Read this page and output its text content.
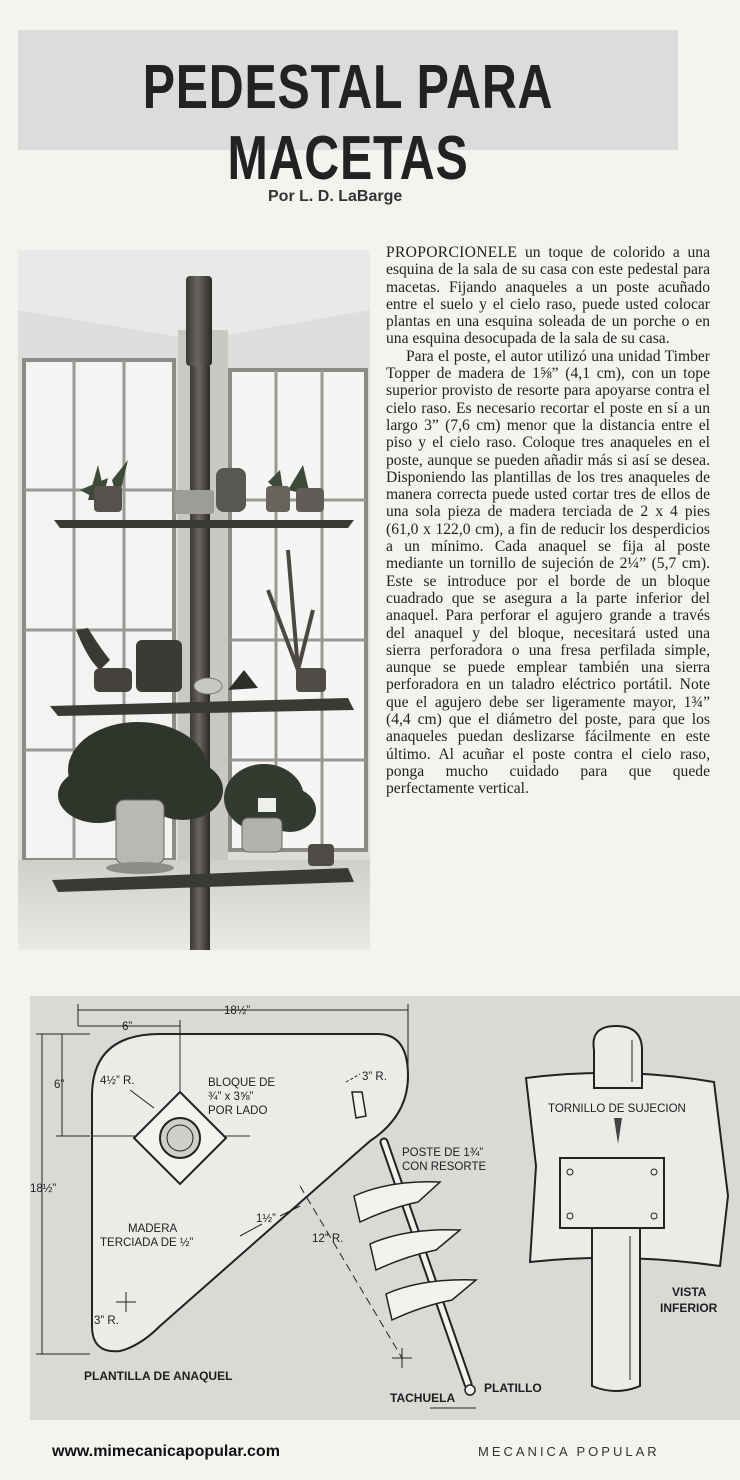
PEDESTAL PARA MACETAS
Por L. D. LaBarge

PROPORCIONELE un toque de colorido a una esquina de la sala de su casa con este pedestal para macetas. Fijando anaqueles a un poste acuñado entre el suelo y el cielo raso, puede usted colocar plantas en una esquina soleada de un porche o en una esquina desocupada de la sala de su casa.

Para el poste, el autor utilizó una unidad Timber Topper de madera de 1⅝” (4,1 cm), con un tope superior provisto de resorte para apoyarse contra el cielo raso. Es necesario recortar el poste en sí a un largo 3” (7,6 cm) menor que la distancia entre el piso y el cielo raso. Coloque tres anaqueles en el poste, aunque se pueden añadir más si así se desea. Disponiendo las plantillas de los tres anaqueles de manera correcta puede usted cortar tres de ellos de una sola pieza de madera terciada de 2 x 4 pies (61,0 x 122,0 cm), a fin de reducir los desperdicios a un mínimo. Cada anaquel se fija al poste mediante un tornillo de sujeción de 2¼” (5,7 cm). Este se introduce por el borde de un bloque cuadrado que se asegura a la parte inferior del anaquel. Para perforar el agujero grande a través del anaquel y del bloque, necesitará usted una sierra perforadora o una fresa perfilada simple, aunque se puede emplear también una sierra perforadora en un taladro eléctrico portátil. Note que el agujero debe ser ligeramente mayor, 1¾” (4,4 cm) que el diámetro del poste, para que los anaqueles puedan deslizarse fácilmente en este último. Al acuñar el poste contra el cielo raso, ponga mucho cuidado para que quede perfectamente vertical.

18½”
6”
18½”
6”	4½” R.	3” R.
3” R.
12” R.
1½”
BLOQUE DE
¾” x 3⅝”
POR LADO
MADERA
TERCIADA DE ½”
POSTE DE 1¾”
CON RESORTE
PLATILLO
TACHUELA
TORNILLO DE SUJECION
VISTA
INFERIOR
PLANTILLA DE ANAQUEL
www.mimecanicapopular.com	MECANICA POPULAR
